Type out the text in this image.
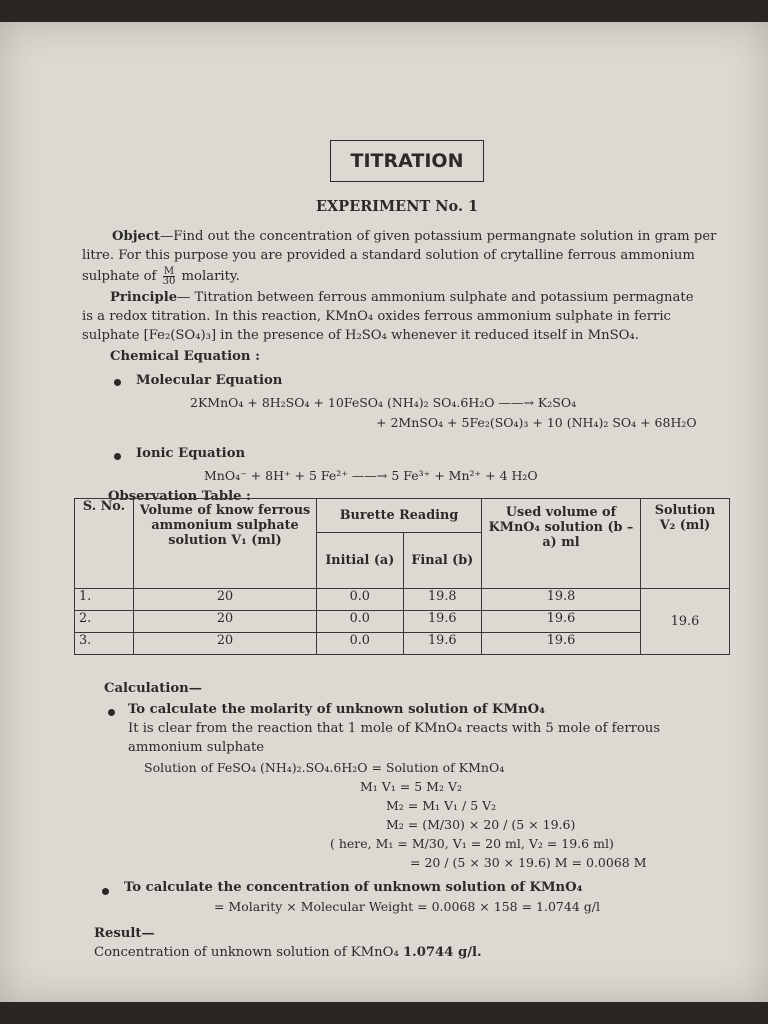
TITRATION
EXPERIMENT No. 1
Object—Find out the concentration of given potassium permangnate solution in gram per
litre. For this purpose you are provided a standard solution of crytalline ferrous ammonium
sulphate of $\frac{M}{30}$ molarity.
Principle— Titration between ferrous ammonium sulphate and potassium permagnate
is a redox titration. In this reaction, KMnO₄ oxides ferrous ammonium sulphate in ferric
sulphate [Fe₂(SO₄)₃] in the presence of H₂SO₄ whenever it reduced itself in MnSO₄.
Chemical Equation :
Molecular Equation
2KMnO₄ + 8H₂SO₄ + 10FeSO₄ (NH₄)₂ SO₄.6H₂O ——→ K₂SO₄
+ 2MnSO₄ + 5Fe₂(SO₄)₃ + 10 (NH₄)₂ SO₄ + 68H₂O
Ionic Equation
MnO₄⁻ + 8H⁺ + 5 Fe²⁺ ——→ 5 Fe³⁺ + Mn²⁺ + 4 H₂O
Observation Table :
S. No.	Volume of know ferrous ammonium sulphate solution V₁ (ml)	Burette Reading		Used volume of KMnO₄ solution (b – a) ml	Solution V₂ (ml)
		Initial (a)	Final (b)		
1.	20	0.0	19.8	19.8	19.6
2.	20	0.0	19.6	19.6	
3.	20	0.0	19.6	19.6	
Calculation—
To calculate the molarity of unknown solution of KMnO₄
It is clear from the reaction that 1 mole of KMnO₄ reacts with 5 mole of ferrous
ammonium sulphate
Solution of FeSO₄ (NH₄)₂.SO₄.6H₂O = Solution of KMnO₄
M₁ V₁ = 5 M₂ V₂
M₂ = M₁ V₁ / 5 V₂
M₂ = (M/30) × 20 / (5 × 19.6)
( here, M₁ = M/30, V₁ = 20 ml, V₂ = 19.6 ml)
= 20 / (5 × 30 × 19.6) M = 0.0068 M
To calculate the concentration of unknown solution of KMnO₄
= Molarity × Molecular Weight = 0.0068 × 158 = 1.0744 g/l
Result—
Concentration of unknown solution of KMnO₄ 1.0744 g/l.
